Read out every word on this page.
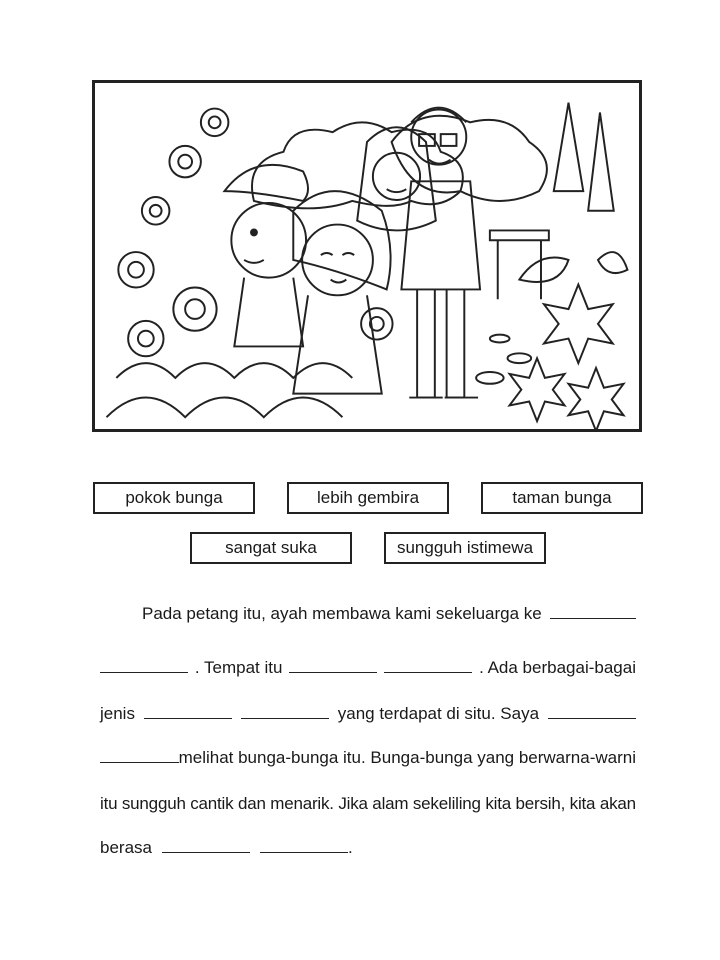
pokok bunga	lebih gembira	taman bunga
sangat suka	sungguh istimewa
Pada petang itu, ayah membawa kami sekeluarga ke
. Tempat itu	. Ada berbagai-bagai
jenis	yang terdapat di situ. Saya
melihat bunga-bunga itu. Bunga-bunga yang berwarna-warni
itu sungguh cantik dan menarik. Jika alam sekeliling kita bersih, kita akan
berasa	.
